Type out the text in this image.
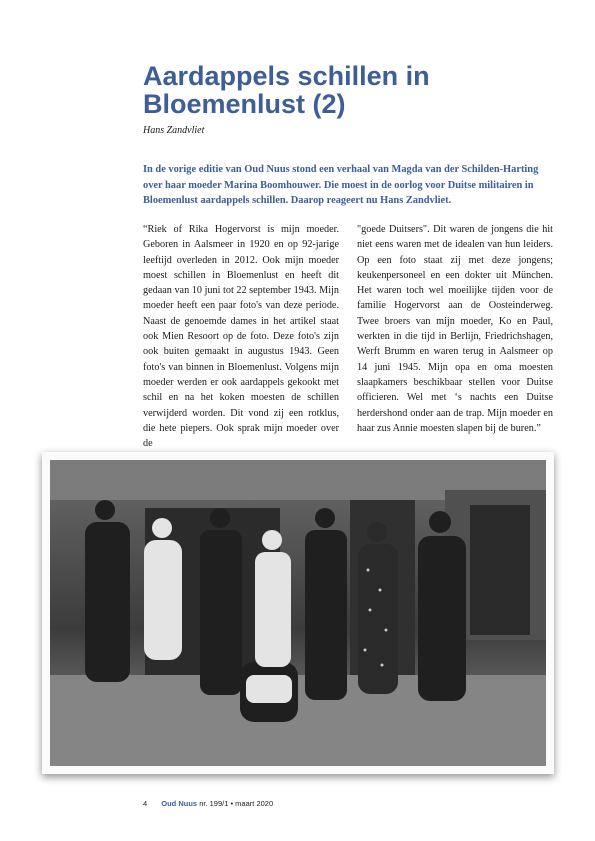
Aardappels schillen in Bloemenlust (2)
Hans Zandvliet
In de vorige editie van Oud Nuus stond een verhaal van Magda van der Schilden-Harting over haar moeder Marina Boomhouwer. Die moest in de oorlog voor Duitse militairen in Bloemenlust aardappels schillen. Daarop reageert nu Hans Zandvliet.
“Riek of Rika Hogervorst is mijn moeder. Geboren in Aalsmeer in 1920 en op 92-jarige leeftijd overleden in 2012. Ook mijn moeder moest schillen in Bloemenlust en heeft dit gedaan van 10 juni tot 22 september 1943. Mijn moeder heeft een paar foto's van deze periode. Naast de genoemde dames in het artikel staat ook Mien Resoort op de foto. Deze foto's zijn ook buiten gemaakt in augustus 1943. Geen foto's van binnen in Bloemenlust. Volgens mijn moeder werden er ook aardappels gekookt met schil en na het koken moesten de schillen verwijderd worden. Dit vond zij een rotklus, die hete piepers. Ook sprak mijn moeder over de
"goede Duitsers". Dit waren de jongens die hit niet eens waren met de idealen van hun leiders. Op een foto staat zij met deze jongens; keukenpersoneel en een dokter uit München. Het waren toch wel moeilijke tijden voor de familie Hogervorst aan de Oosteinderweg. Twee broers van mijn moeder, Ko en Paul, werkten in die tijd in Berlijn, Friedrichshagen, Werft Brumm en waren terug in Aalsmeer op 14 juni 1945. Mijn opa en oma moesten slaapkamers beschikbaar stellen voor Duitse officieren. Wel met ‘s nachts een Duitse herdershond onder aan de trap. Mijn moeder en haar zus Annie moesten slapen bij de buren.”
4 Oud Nuus nr. 199/1 • maart 2020
